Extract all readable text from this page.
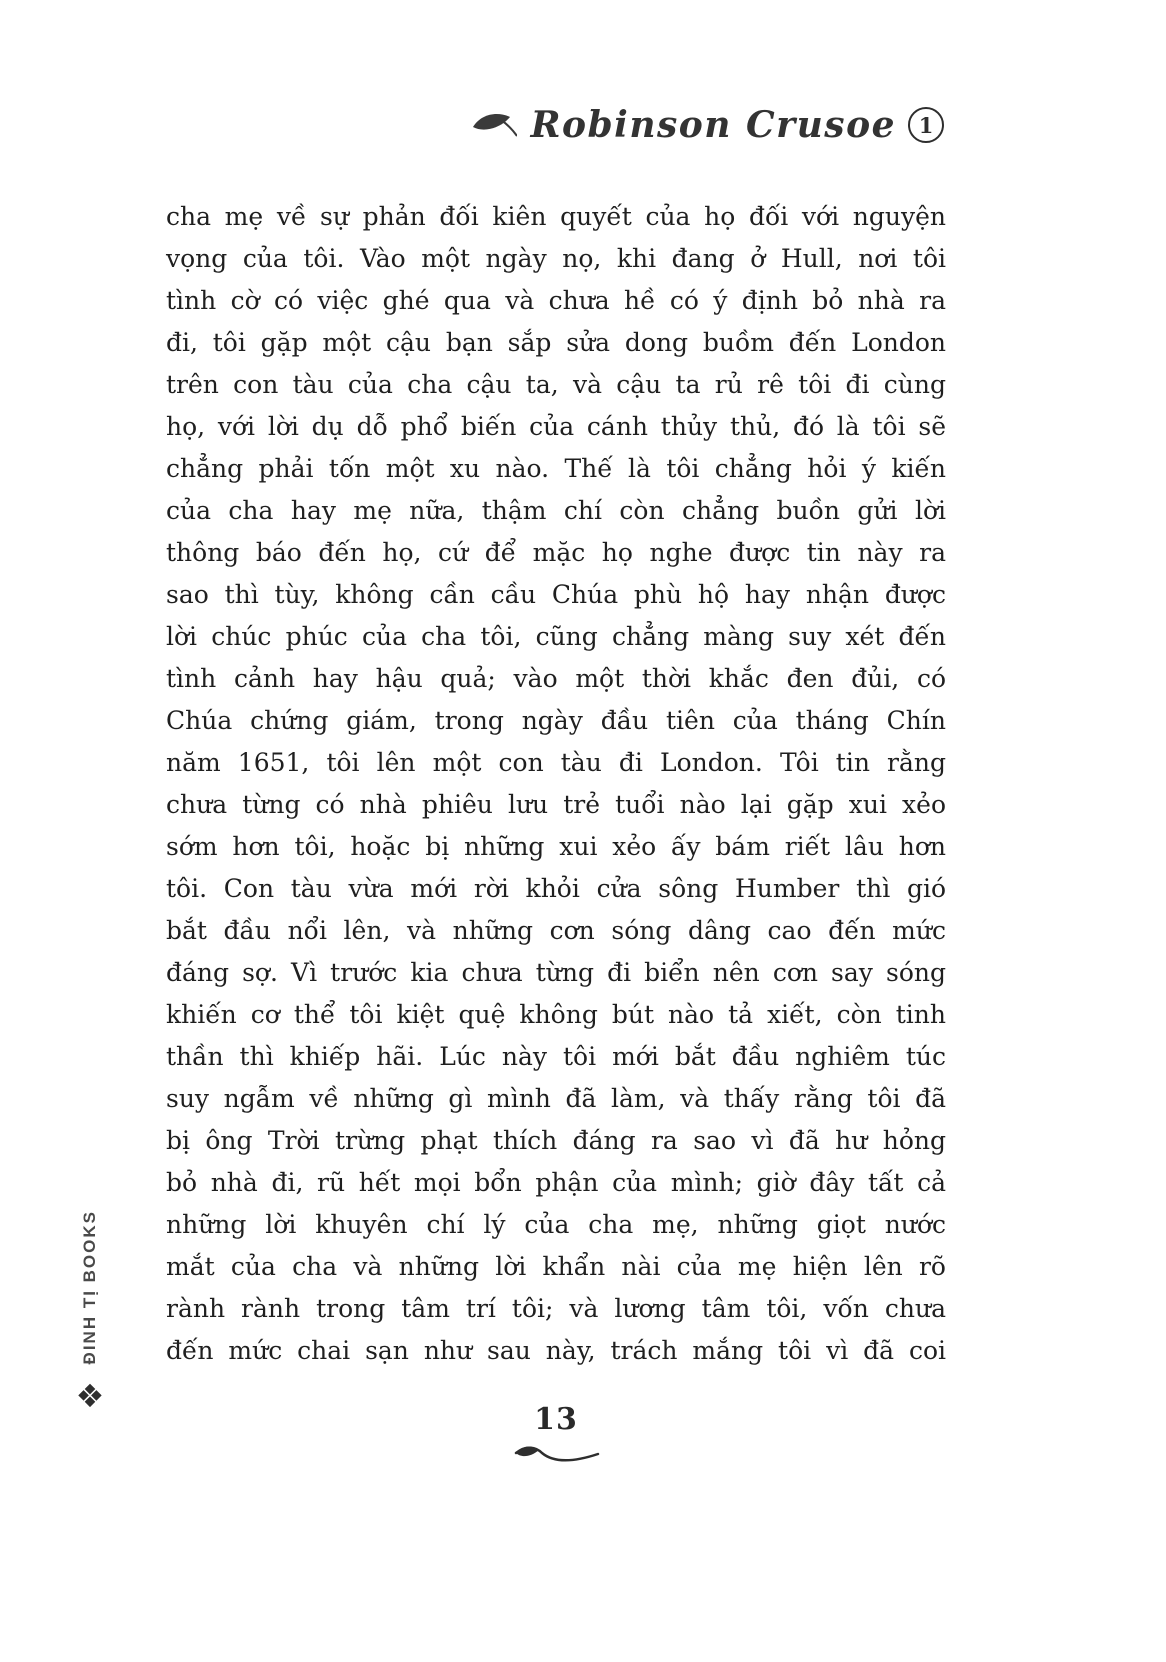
Robinson Crusoe 1
cha mẹ về sự phản đối kiên quyết của họ đối với nguyện
vọng của tôi. Vào một ngày nọ, khi đang ở Hull, nơi tôi
tình cờ có việc ghé qua và chưa hề có ý định bỏ nhà ra
đi, tôi gặp một cậu bạn sắp sửa dong buồm đến London
trên con tàu của cha cậu ta, và cậu ta rủ rê tôi đi cùng
họ, với lời dụ dỗ phổ biến của cánh thủy thủ, đó là tôi sẽ
chẳng phải tốn một xu nào. Thế là tôi chẳng hỏi ý kiến
của cha hay mẹ nữa, thậm chí còn chẳng buồn gửi lời
thông báo đến họ, cứ để mặc họ nghe được tin này ra
sao thì tùy, không cần cầu Chúa phù hộ hay nhận được
lời chúc phúc của cha tôi, cũng chẳng màng suy xét đến
tình cảnh hay hậu quả; vào một thời khắc đen đủi, có
Chúa chứng giám, trong ngày đầu tiên của tháng Chín
năm 1651, tôi lên một con tàu đi London. Tôi tin rằng
chưa từng có nhà phiêu lưu trẻ tuổi nào lại gặp xui xẻo
sớm hơn tôi, hoặc bị những xui xẻo ấy bám riết lâu hơn
tôi. Con tàu vừa mới rời khỏi cửa sông Humber thì gió
bắt đầu nổi lên, và những cơn sóng dâng cao đến mức
đáng sợ. Vì trước kia chưa từng đi biển nên cơn say sóng
khiến cơ thể tôi kiệt quệ không bút nào tả xiết, còn tinh
thần thì khiếp hãi. Lúc này tôi mới bắt đầu nghiêm túc
suy ngẫm về những gì mình đã làm, và thấy rằng tôi đã
bị ông Trời trừng phạt thích đáng ra sao vì đã hư hỏng
bỏ nhà đi, rũ hết mọi bổn phận của mình; giờ đây tất cả
những lời khuyên chí lý của cha mẹ, những giọt nước
mắt của cha và những lời khẩn nài của mẹ hiện lên rõ
rành rành trong tâm trí tôi; và lương tâm tôi, vốn chưa
đến mức chai sạn như sau này, trách mắng tôi vì đã coi
13
ĐINH TỊ BOOKS
❖
